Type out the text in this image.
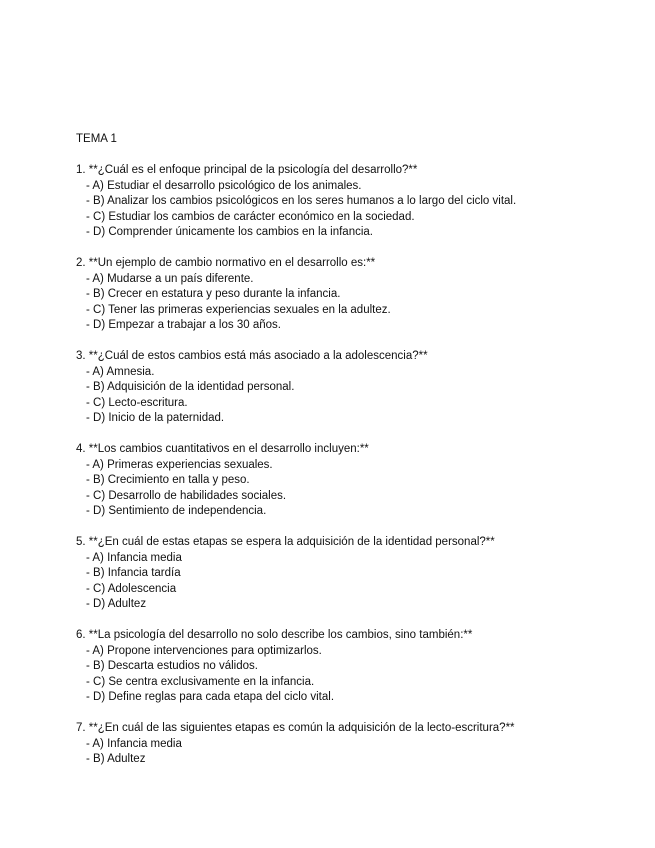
TEMA 1
1. **¿Cuál es el enfoque principal de la psicología del desarrollo?**
- A) Estudiar el desarrollo psicológico de los animales.
- B) Analizar los cambios psicológicos en los seres humanos a lo largo del ciclo vital.
- C) Estudiar los cambios de carácter económico en la sociedad.
- D) Comprender únicamente los cambios en la infancia.
2. **Un ejemplo de cambio normativo en el desarrollo es:**
- A) Mudarse a un país diferente.
- B) Crecer en estatura y peso durante la infancia.
- C) Tener las primeras experiencias sexuales en la adultez.
- D) Empezar a trabajar a los 30 años.
3. **¿Cuál de estos cambios está más asociado a la adolescencia?**
- A) Amnesia.
- B) Adquisición de la identidad personal.
- C) Lecto-escritura.
- D) Inicio de la paternidad.
4. **Los cambios cuantitativos en el desarrollo incluyen:**
- A) Primeras experiencias sexuales.
- B) Crecimiento en talla y peso.
- C) Desarrollo de habilidades sociales.
- D) Sentimiento de independencia.
5. **¿En cuál de estas etapas se espera la adquisición de la identidad personal?**
- A) Infancia media
- B) Infancia tardía
- C) Adolescencia
- D) Adultez
6. **La psicología del desarrollo no solo describe los cambios, sino también:**
- A) Propone intervenciones para optimizarlos.
- B) Descarta estudios no válidos.
- C) Se centra exclusivamente en la infancia.
- D) Define reglas para cada etapa del ciclo vital.
7. **¿En cuál de las siguientes etapas es común la adquisición de la lecto-escritura?**
- A) Infancia media
- B) Adultez
